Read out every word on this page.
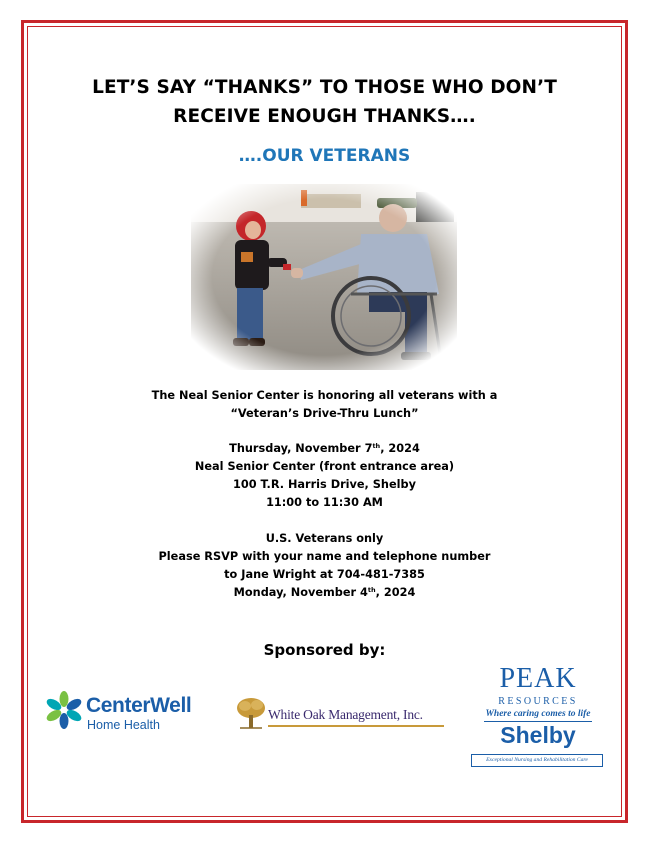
LET’S SAY “THANKS” TO THOSE WHO DON’T
RECEIVE ENOUGH THANKS….
….OUR VETERANS
The Neal Senior Center is honoring all veterans with a
“Veteran’s Drive-Thru Lunch”
Thursday, November 7th, 2024
Neal Senior Center (front entrance area)
100 T.R. Harris Drive, Shelby
11:00 to 11:30 AM
U.S. Veterans only
Please RSVP with your name and telephone number
to Jane Wright at 704-481-7385
Monday, November 4th, 2024
Sponsored by:
CenterWell
Home Health
White Oak Management, Inc.
PEAK
RESOURCES
Where caring comes to life
Shelby
Exceptional Nursing and Rehabilitation Care
